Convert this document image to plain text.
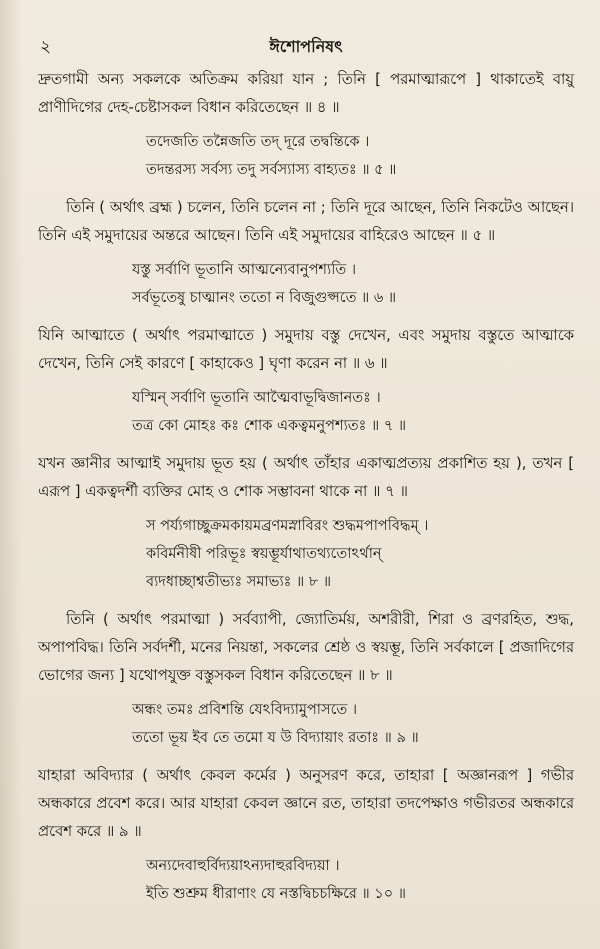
২	ঈশোপনিষৎ

দ্রুতগামী অন্য সকলকে অতিক্রম করিয়া যান ; তিনি [ পরমাত্মারূপে ] থাকাতেই বায়ু প্রাণীদিগের দেহ-চেষ্টাসকল বিধান করিতেছেন ॥ ৪ ॥

তদেজতি তন্নৈজতি তদ্‌ দূরে তদ্বন্তিকে ।
তদন্তরস্য সর্বস্য তদু সর্বস্যাস্য বাহ্যতঃ ॥ ৫ ॥

তিনি ( অর্থাৎ ব্রহ্ম ) চলেন, তিনি চলেন না ; তিনি দূরে আছেন, তিনি নিকটেও আছেন। তিনি এই সমুদায়ের অন্তরে আছেন। তিনি এই সমুদায়ের বাহিরেও আছেন ॥ ৫ ॥

যস্তু সর্বাণি ভূতানি আত্মন্যেবানুপশ্যতি ।
সর্বভূতেষু চাত্মানং ততো ন বিজুগুপ্সতে ॥ ৬ ॥

যিনি আত্মাতে ( অর্থাৎ পরমাত্মাতে ) সমুদায় বস্তু দেখেন, এবং সমুদায় বস্তুতে আত্মাকে দেখেন, তিনি সেই কারণে [ কাহাকেও ] ঘৃণা করেন না ॥ ৬ ॥

যস্মিন্‌ সর্বাণি ভূতানি আত্মৈবাভূদ্বিজানতঃ ।
তত্র কো মোহঃ কঃ শোক একত্বমনুপশ্যতঃ ॥ ৭ ॥

যখন জ্ঞানীর আত্মাই সমুদায় ভূত হয় ( অর্থাৎ তাঁহার একাত্মপ্রত্যয় প্রকাশিত হয় ), তখন [ এরূপ ] একত্বদর্শী ব্যক্তির মোহ ও শোক সম্ভাবনা থাকে না ॥ ৭ ॥

স পর্য্যগাচ্ছুক্রমকায়মব্রণমস্নাবিরং শুদ্ধমপাপবিদ্ধম্‌ ।
কবির্মনীষী পরিভূঃ স্বয়ম্ভূর্যাথাতথ্যতোঽর্থান্‌
ব্যদধাচ্ছাশ্বতীভ্যঃ সমাভ্যঃ ॥ ৮ ॥

তিনি ( অর্থাৎ পরমাত্মা ) সর্বব্যাপী, জ্যোতির্ময়, অশরীরী, শিরা ও ব্রণরহিত, শুদ্ধ, অপাপবিদ্ধ। তিনি সর্বদর্শী, মনের নিয়ন্তা, সকলের শ্রেষ্ঠ ও স্বয়ম্ভূ, তিনি সর্বকালে [ প্রজাদিগের ভোগের জন্য ] যথোপযুক্ত বস্তুসকল বিধান করিতেছেন ॥ ৮ ॥

অন্ধং তমঃ প্রবিশন্তি যেঽবিদ্যামুপাসতে ।
ততো ভূয় ইব তে তমো য উ বিদ্যায়াং রতাঃ ॥ ৯ ॥

যাহারা অবিদ্যার ( অর্থাৎ কেবল কর্মের ) অনুসরণ করে, তাহারা [ অজ্ঞানরূপ ] গভীর অন্ধকারে প্রবেশ করে। আর যাহারা কেবল জ্ঞানে রত, তাহারা তদপেক্ষাও গভীরতর অন্ধকারে প্রবেশ করে ॥ ৯ ॥

অন্যদেবাহুর্বিদ্যয়াঽন্যদাহুরবিদ্যয়া ।
ইতি শুশ্রুম ধীরাণাং যে নস্তদ্বিচচক্ষিরে ॥ ১০ ॥
